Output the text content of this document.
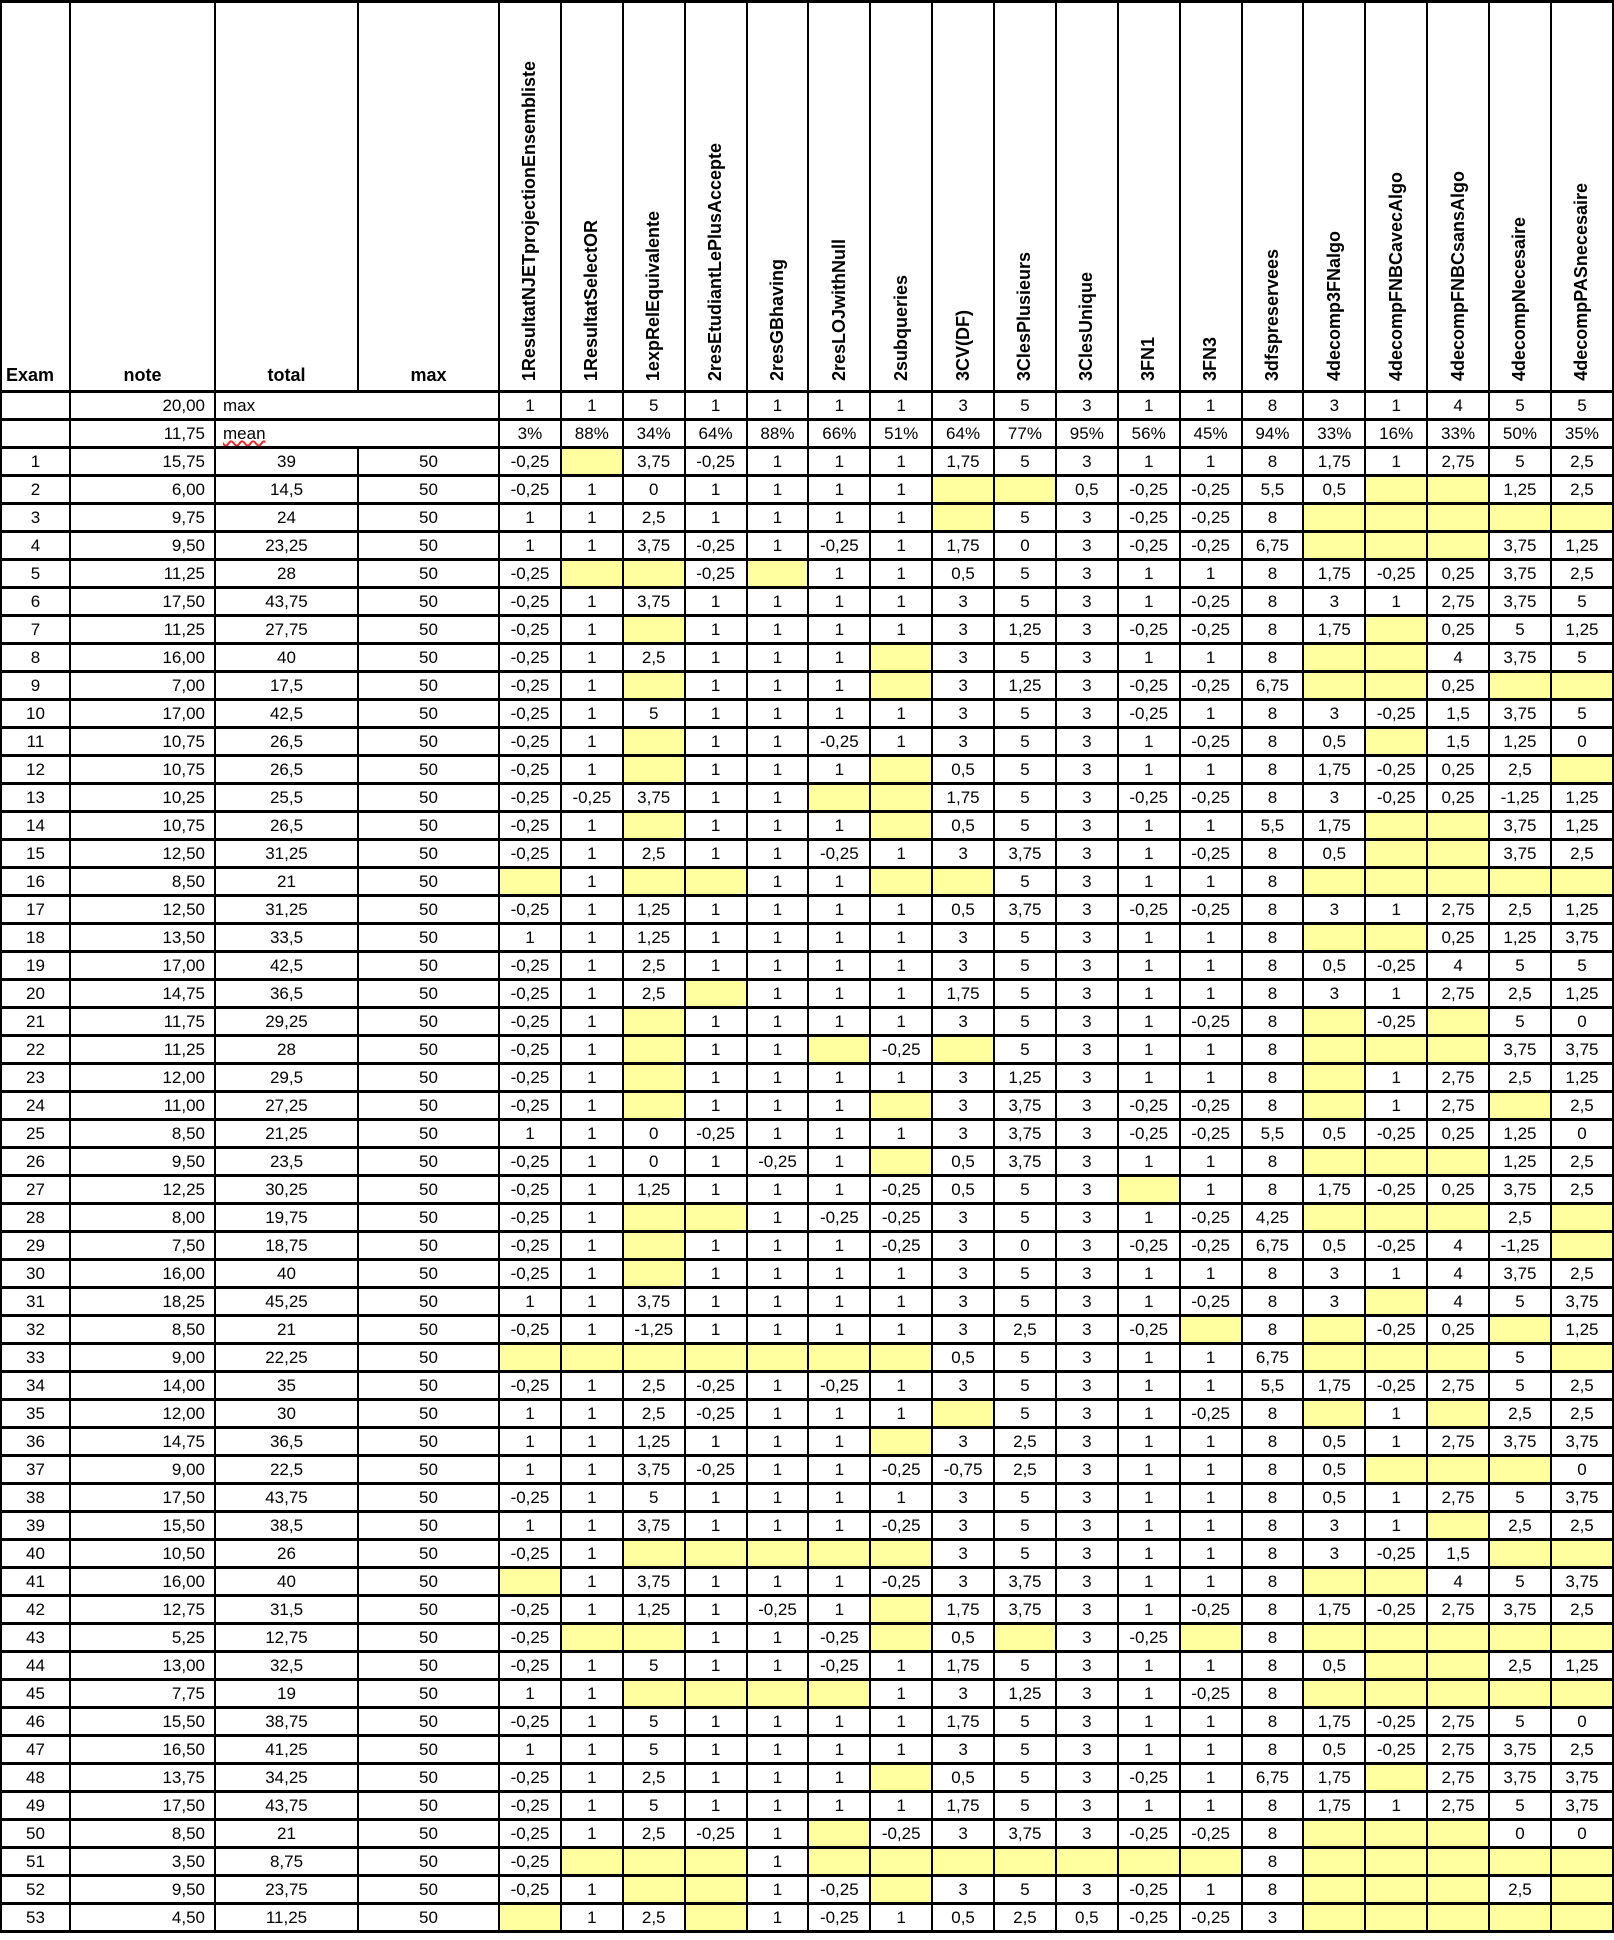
Exam	note	total	max	1ResultatNJETprojectionEnsembliste	1ResultatSelectOR	1expRelEquivalente	2resEtudiantLePlusAccepte	2resGBhaving	2resLOJwithNull	2subqueries	3CV(DF)	3ClesPlusieurs	3ClesUnique	3FN1	3FN3	3dfspreservees	4decomp3FNalgo	4decompFNBCavecAlgo	4decompFNBCsansAlgo	4decompNecesaire	4decompPASnecesaire
	20,00	max		1	1	5	1	1	1	1	3	5	3	1	1	8	3	1	4	5	5
	11,75	mean		3%	88%	34%	64%	88%	66%	51%	64%	77%	95%	56%	45%	94%	33%	16%	33%	50%	35%
1	15,75	39	50	-0,25		3,75	-0,25	1	1	1	1,75	5	3	1	1	8	1,75	1	2,75	5	2,5
2	6,00	14,5	50	-0,25	1	0	1	1	1	1			0,5	-0,25	-0,25	5,5	0,5			1,25	2,5
3	9,75	24	50	1	1	2,5	1	1	1	1		5	3	-0,25	-0,25	8					
4	9,50	23,25	50	1	1	3,75	-0,25	1	-0,25	1	1,75	0	3	-0,25	-0,25	6,75				3,75	1,25
5	11,25	28	50	-0,25			-0,25		1	1	0,5	5	3	1	1	8	1,75	-0,25	0,25	3,75	2,5
6	17,50	43,75	50	-0,25	1	3,75	1	1	1	1	3	5	3	1	-0,25	8	3	1	2,75	3,75	5
7	11,25	27,75	50	-0,25	1		1	1	1	1	3	1,25	3	-0,25	-0,25	8	1,75		0,25	5	1,25
8	16,00	40	50	-0,25	1	2,5	1	1	1		3	5	3	1	1	8			4	3,75	5
9	7,00	17,5	50	-0,25	1		1	1	1		3	1,25	3	-0,25	-0,25	6,75			0,25		
10	17,00	42,5	50	-0,25	1	5	1	1	1	1	3	5	3	-0,25	1	8	3	-0,25	1,5	3,75	5
11	10,75	26,5	50	-0,25	1		1	1	-0,25	1	3	5	3	1	-0,25	8	0,5		1,5	1,25	0
12	10,75	26,5	50	-0,25	1		1	1	1		0,5	5	3	1	1	8	1,75	-0,25	0,25	2,5	
13	10,25	25,5	50	-0,25	-0,25	3,75	1	1			1,75	5	3	-0,25	-0,25	8	3	-0,25	0,25	-1,25	1,25
14	10,75	26,5	50	-0,25	1		1	1	1		0,5	5	3	1	1	5,5	1,75			3,75	1,25
15	12,50	31,25	50	-0,25	1	2,5	1	1	-0,25	1	3	3,75	3	1	-0,25	8	0,5			3,75	2,5
16	8,50	21	50		1			1	1			5	3	1	1	8					
17	12,50	31,25	50	-0,25	1	1,25	1	1	1	1	0,5	3,75	3	-0,25	-0,25	8	3	1	2,75	2,5	1,25
18	13,50	33,5	50	1	1	1,25	1	1	1	1	3	5	3	1	1	8			0,25	1,25	3,75
19	17,00	42,5	50	-0,25	1	2,5	1	1	1	1	3	5	3	1	1	8	0,5	-0,25	4	5	5
20	14,75	36,5	50	-0,25	1	2,5		1	1	1	1,75	5	3	1	1	8	3	1	2,75	2,5	1,25
21	11,75	29,25	50	-0,25	1		1	1	1	1	3	5	3	1	-0,25	8		-0,25		5	0
22	11,25	28	50	-0,25	1		1	1		-0,25		5	3	1	1	8				3,75	3,75
23	12,00	29,5	50	-0,25	1		1	1	1	1	3	1,25	3	1	1	8		1	2,75	2,5	1,25
24	11,00	27,25	50	-0,25	1		1	1	1		3	3,75	3	-0,25	-0,25	8		1	2,75		2,5
25	8,50	21,25	50	1	1	0	-0,25	1	1	1	3	3,75	3	-0,25	-0,25	5,5	0,5	-0,25	0,25	1,25	0
26	9,50	23,5	50	-0,25	1	0	1	-0,25	1		0,5	3,75	3	1	1	8				1,25	2,5
27	12,25	30,25	50	-0,25	1	1,25	1	1	1	-0,25	0,5	5	3		1	8	1,75	-0,25	0,25	3,75	2,5
28	8,00	19,75	50	-0,25	1			1	-0,25	-0,25	3	5	3	1	-0,25	4,25				2,5	
29	7,50	18,75	50	-0,25	1		1	1	1	-0,25	3	0	3	-0,25	-0,25	6,75	0,5	-0,25	4	-1,25	
30	16,00	40	50	-0,25	1		1	1	1	1	3	5	3	1	1	8	3	1	4	3,75	2,5
31	18,25	45,25	50	1	1	3,75	1	1	1	1	3	5	3	1	-0,25	8	3		4	5	3,75
32	8,50	21	50	-0,25	1	-1,25	1	1	1	1	3	2,5	3	-0,25		8		-0,25	0,25		1,25
33	9,00	22,25	50								0,5	5	3	1	1	6,75				5	
34	14,00	35	50	-0,25	1	2,5	-0,25	1	-0,25	1	3	5	3	1	1	5,5	1,75	-0,25	2,75	5	2,5
35	12,00	30	50	1	1	2,5	-0,25	1	1	1		5	3	1	-0,25	8		1		2,5	2,5
36	14,75	36,5	50	1	1	1,25	1	1	1		3	2,5	3	1	1	8	0,5	1	2,75	3,75	3,75
37	9,00	22,5	50	1	1	3,75	-0,25	1	1	-0,25	-0,75	2,5	3	1	1	8	0,5				0
38	17,50	43,75	50	-0,25	1	5	1	1	1	1	3	5	3	1	1	8	0,5	1	2,75	5	3,75
39	15,50	38,5	50	1	1	3,75	1	1	1	-0,25	3	5	3	1	1	8	3	1		2,5	2,5
40	10,50	26	50	-0,25	1						3	5	3	1	1	8	3	-0,25	1,5		
41	16,00	40	50		1	3,75	1	1	1	-0,25	3	3,75	3	1	1	8			4	5	3,75
42	12,75	31,5	50	-0,25	1	1,25	1	-0,25	1		1,75	3,75	3	1	-0,25	8	1,75	-0,25	2,75	3,75	2,5
43	5,25	12,75	50	-0,25			1	1	-0,25		0,5		3	-0,25		8					
44	13,00	32,5	50	-0,25	1	5	1	1	-0,25	1	1,75	5	3	1	1	8	0,5			2,5	1,25
45	7,75	19	50	1	1					1	3	1,25	3	1	-0,25	8					
46	15,50	38,75	50	-0,25	1	5	1	1	1	1	1,75	5	3	1	1	8	1,75	-0,25	2,75	5	0
47	16,50	41,25	50	1	1	5	1	1	1	1	3	5	3	1	1	8	0,5	-0,25	2,75	3,75	2,5
48	13,75	34,25	50	-0,25	1	2,5	1	1	1		0,5	5	3	-0,25	1	6,75	1,75		2,75	3,75	3,75
49	17,50	43,75	50	-0,25	1	5	1	1	1	1	1,75	5	3	1	1	8	1,75	1	2,75	5	3,75
50	8,50	21	50	-0,25	1	2,5	-0,25	1		-0,25	3	3,75	3	-0,25	-0,25	8				0	0
51	3,50	8,75	50	-0,25				1								8					
52	9,50	23,75	50	-0,25	1			1	-0,25		3	5	3	-0,25	1	8				2,5	
53	4,50	11,25	50		1	2,5		1	-0,25	1	0,5	2,5	0,5	-0,25	-0,25	3					
